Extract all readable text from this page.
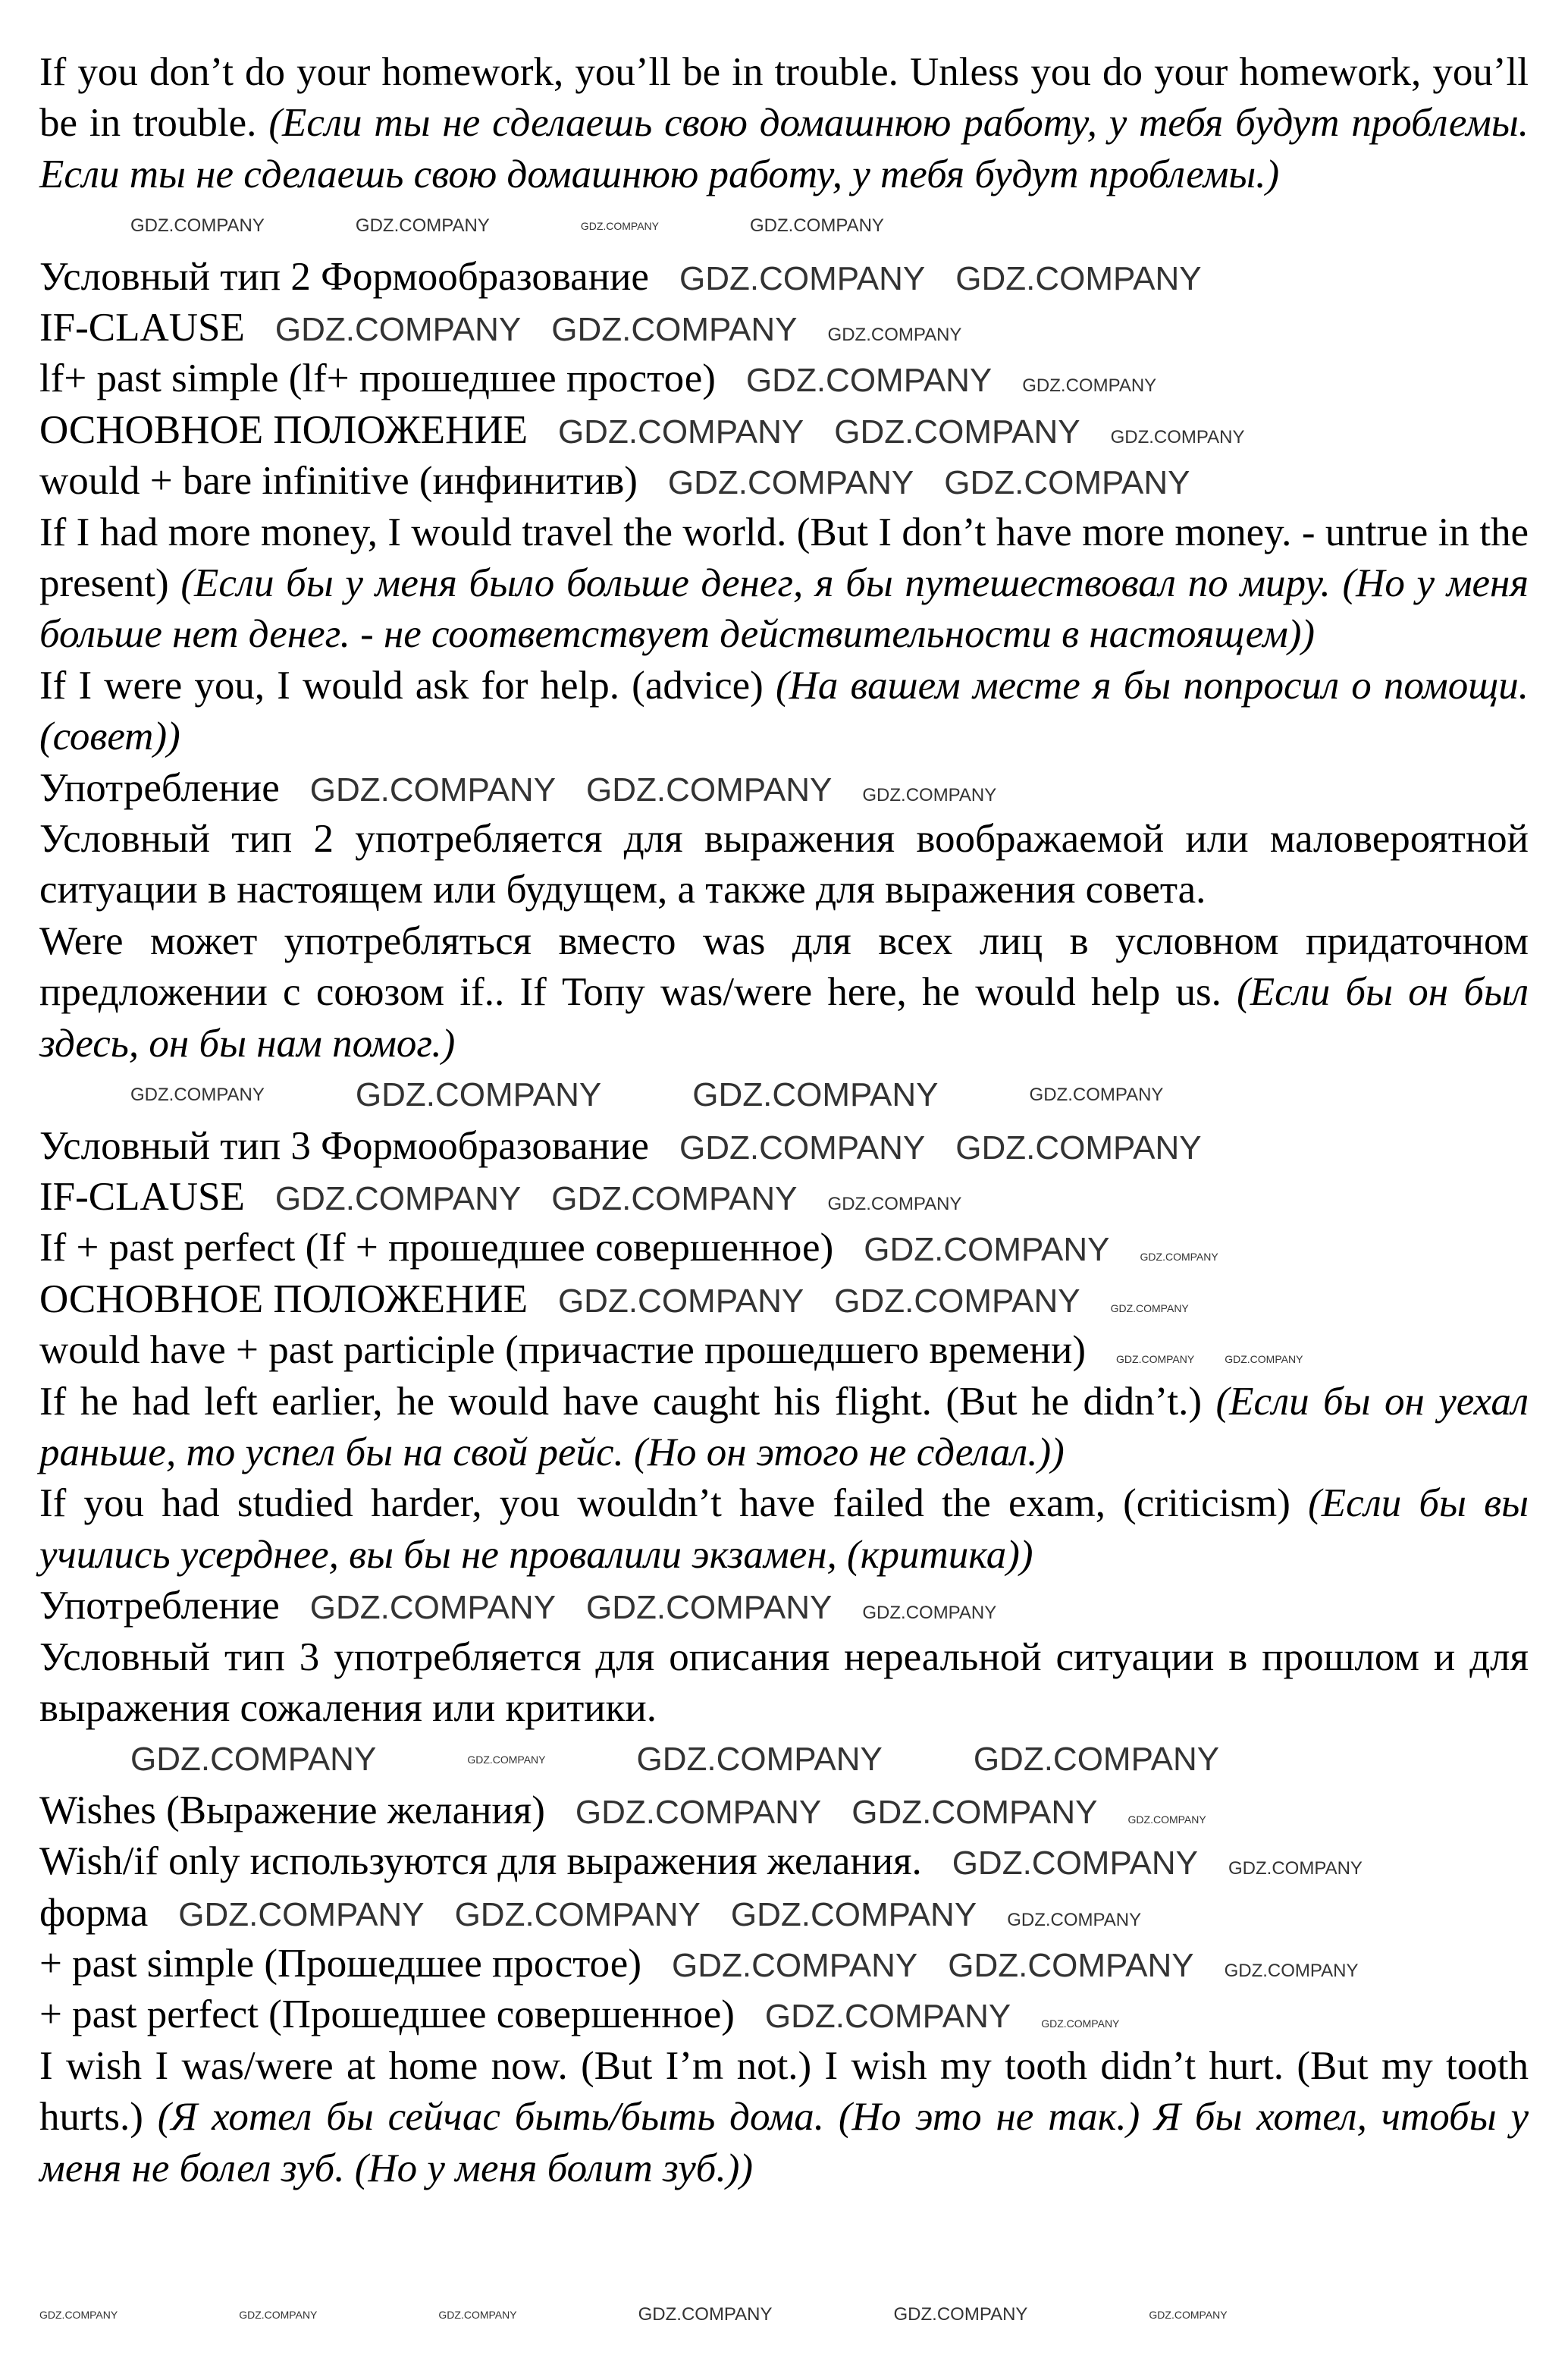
If you don’t do your homework, you’ll be in trouble. Unless you do your homework, you’ll be in trouble. (Если ты не сделаешь свою домашнюю работу, у тебя будут проблемы. Если ты не сделаешь свою домашнюю работу, у тебя будут проблемы.)

GDZ.COMPANY	GDZ.COMPANY	GDZ.COMPANY	GDZ.COMPANY

Условный тип 2 Формообразование GDZ.COMPANY GDZ.COMPANY

IF-CLAUSE GDZ.COMPANY GDZ.COMPANY GDZ.COMPANY

lf+ past simple (lf+ прошедшее простое) GDZ.COMPANY GDZ.COMPANY

ОСНОВНОЕ ПОЛОЖЕНИЕ GDZ.COMPANY GDZ.COMPANY GDZ.COMPANY

would + bare infinitive (инфинитив) GDZ.COMPANY GDZ.COMPANY

If I had more money, I would travel the world. (But I don’t have more money. - untrue in the present) (Если бы у меня было больше денег, я бы путешествовал по миру. (Но у меня больше нет денег. - не соответствует действительности в настоящем))

If I were you, I would ask for help. (advice) (На вашем месте я бы попросил о помощи. (совет))

Употребление GDZ.COMPANY GDZ.COMPANY GDZ.COMPANY

Условный тип 2 употребляется для выражения воображаемой или маловероятной ситуации в настоящем или будущем, а также для выражения совета.

Were может употребляться вместо was для всех лиц в условном придаточном предложении с союзом if.. If Топу was/were here, he would help us. (Если бы он был здесь, он бы нам помог.)

GDZ.COMPANY	GDZ.COMPANY	GDZ.COMPANY	GDZ.COMPANY

Условный тип 3 Формообразование GDZ.COMPANY GDZ.COMPANY

IF-CLAUSE GDZ.COMPANY GDZ.COMPANY GDZ.COMPANY

If + past perfect (If + прошедшее совершенное) GDZ.COMPANY	GDZ.COMPANY

ОСНОВНОЕ ПОЛОЖЕНИЕ GDZ.COMPANY GDZ.COMPANY	GDZ.COMPANY

would have + past participle (причастие прошедшего времени)	GDZ.COMPANY	GDZ.COMPANY

If he had left earlier, he would have caught his flight. (But he didn’t.) (Если бы он уехал раньше, то успел бы на свой рейс. (Но он этого не сделал.))

If you had studied harder, you wouldn’t have failed the exam, (criticism) (Если бы вы учились усерднее, вы бы не провалили экзамен, (критика))

Употребление GDZ.COMPANY GDZ.COMPANY GDZ.COMPANY

Условный тип 3 употребляется для описания нереальной ситуации в прошлом и для выражения сожаления или критики.

GDZ.COMPANY	GDZ.COMPANY	GDZ.COMPANY	GDZ.COMPANY

Wishes (Выражение желания) GDZ.COMPANY GDZ.COMPANY	GDZ.COMPANY

Wish/if only используются для выражения желания. GDZ.COMPANY GDZ.COMPANY

форма GDZ.COMPANY GDZ.COMPANY GDZ.COMPANY GDZ.COMPANY

+ past simple (Прошедшее простое) GDZ.COMPANY GDZ.COMPANY GDZ.COMPANY

+ past perfect (Прошедшее совершенное) GDZ.COMPANY	GDZ.COMPANY

I wish I was/were at home now. (But I’m not.) I wish my tooth didn’t hurt. (But my tooth hurts.) (Я хотел бы сейчас быть/быть дома. (Но это не так.) Я бы хотел, чтобы у меня не болел зуб. (Но у меня болит зуб.))

GDZ.COMPANY	GDZ.COMPANY	GDZ.COMPANY	GDZ.COMPANY	GDZ.COMPANY	GDZ.COMPANY
